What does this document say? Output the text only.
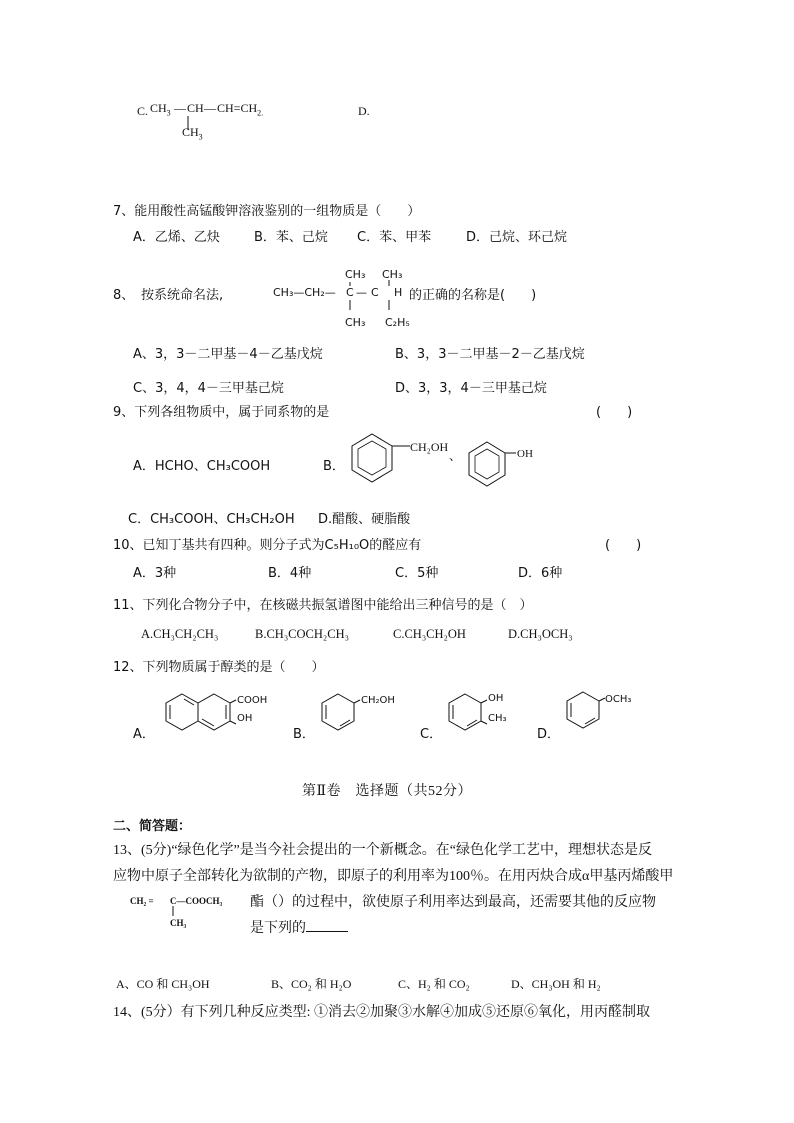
C. $CH_3$ — CH — $CH=CH_{2.}$
$CH_3$
D.
7、能用酸性高锰酸钾溶液鉴别的一组物质是（　　）
A．乙烯、乙炔	B．苯、己烷 C．苯、甲苯	D．己烷、环己烷
8、 按系统命名法,	CH₃—CH₂— C — C H
CH₃ CH₃
CH₃ C₂H₅
的正确的名称是(　　)
A、3，3－二甲基－4－乙基戊烷	B、3，3－二甲基－2－乙基戊烷
C、3，4，4－三甲基己烷	D、3，3，4－三甲基己烷
9、下列各组物质中，属于同系物的是	(　　)
A．HCHO、CH₃COOH	B．
CH₂OH
、	OH
C．CH₃COOH、CH₃CH₂OH D.醋酸、硬脂酸
10、已知丁基共有四种。则分子式为C₅H₁₀O的醛应有	(　　)
A．3种	B．4种	C．5种	D．6种
11、下列化合物分子中，在核磁共振氢谱图中能给出三种信号的是（　）
A.CH₃CH₂CH₃	B.CH₃COCH₂CH₃	C.CH₃CH₂OH	D.CH₃OCH₃
12、下列物质属于醇类的是（　　）
A．
COOH
OH
B．
CH₂OH
C．
OH
CH₃
D．
OCH₃
第Ⅱ卷　选择题（共52分）
二、简答题：
13、(5分)“绿色化学”是当今社会提出的一个新概念。在“绿色化学工艺中，理想状态是反
应物中原子全部转化为欲制的产物，即原子的利用率为100％。在用丙炔合成α甲基丙烯酸甲
CH₂ = C—COOCH₃
CH₃
酯（）的过程中，欲使原子利用率达到最高，还需要其他的反应物
是下列的
A、CO 和 CH₃OH	B、CO₂ 和 H₂O	C、H₂ 和 CO₂	D、CH₃OH 和 H₂
14、(5分）有下列几种反应类型: ①消去②加聚③水解④加成⑤还原⑥氧化，用丙醛制取
